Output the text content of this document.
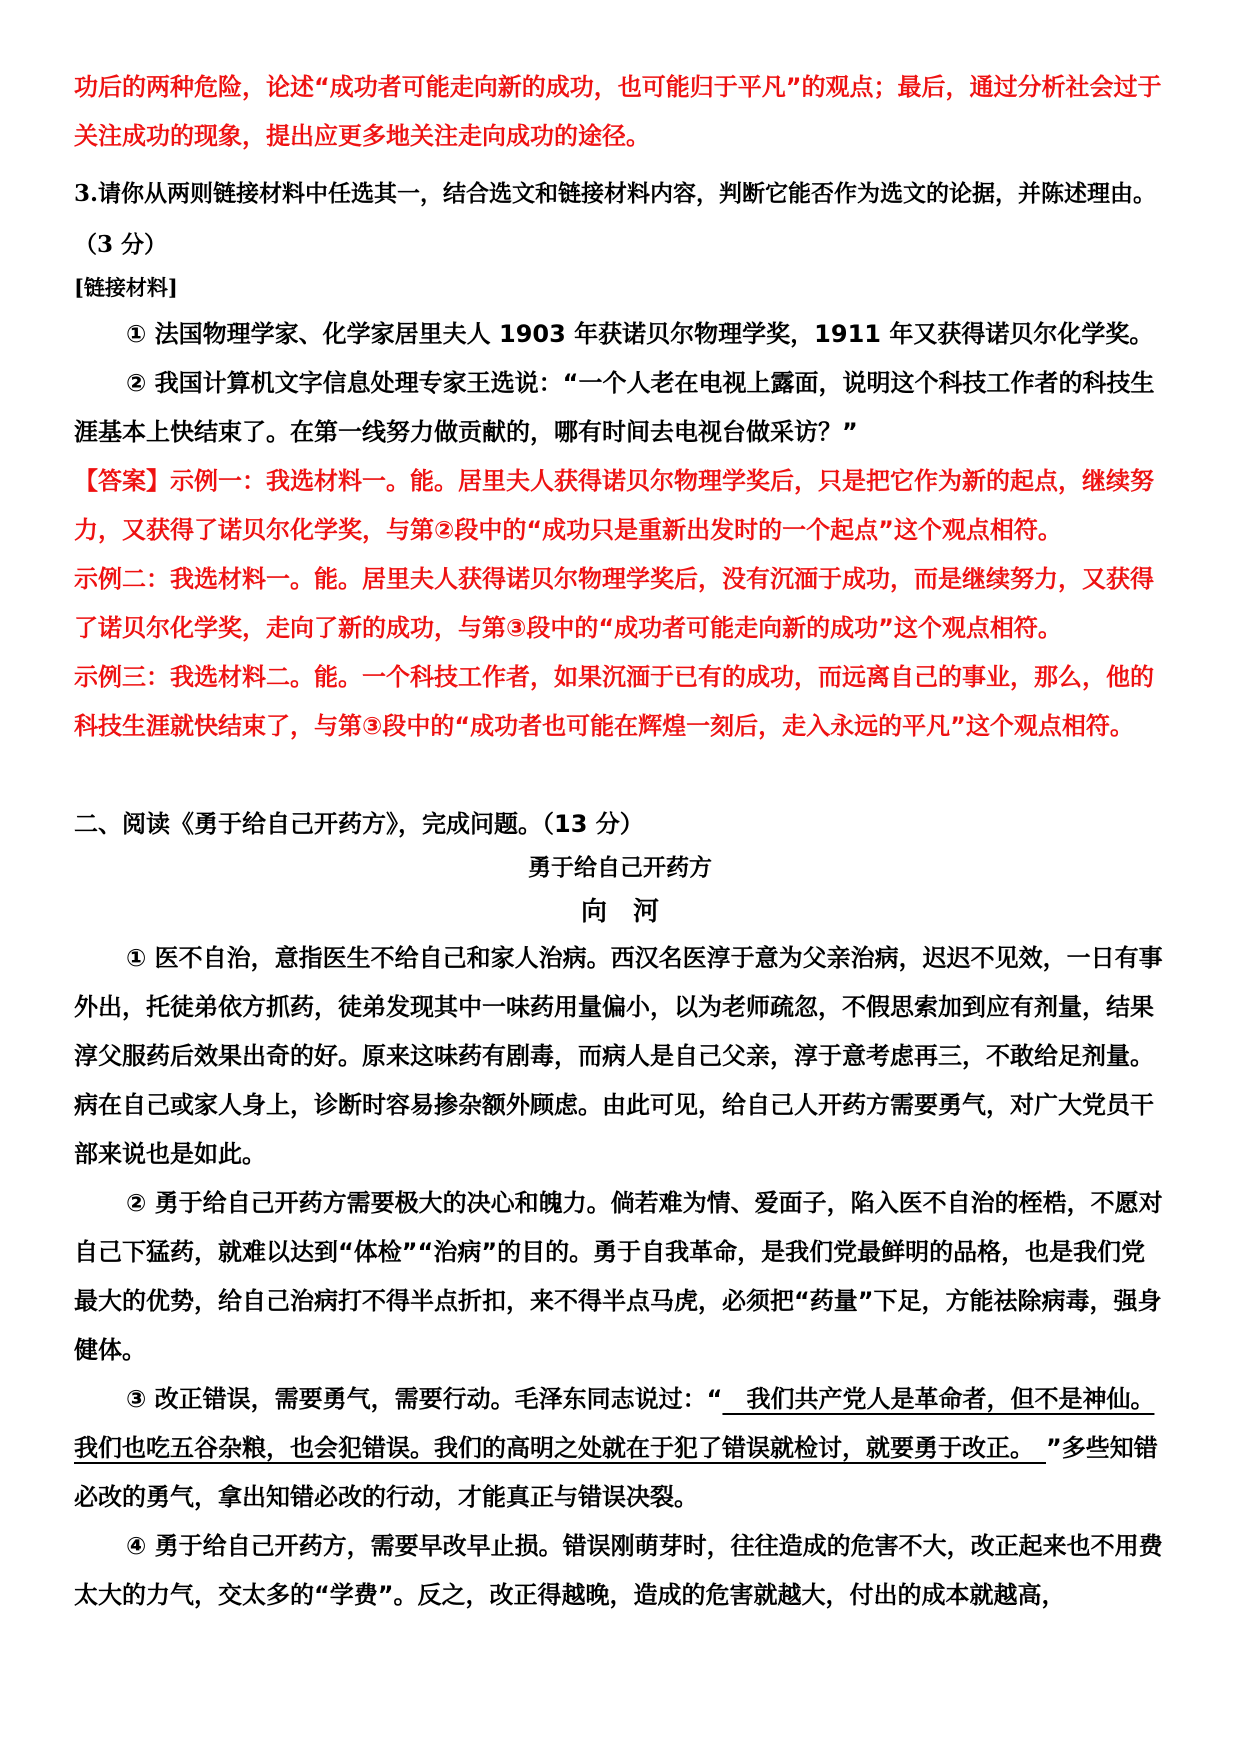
功后的两种危险，论述“成功者可能走向新的成功，也可能归于平凡”的观点；最后，通过分析社会过于关注成功的现象，提出应更多地关注走向成功的途径。

3.请你从两则链接材料中任选其一，结合选文和链接材料内容，判断它能否作为选文的论据，并陈述理由。（3 分）

[链接材料]

① 法国物理学家、化学家居里夫人 1903 年获诺贝尔物理学奖，1911 年又获得诺贝尔化学奖。

② 我国计算机文字信息处理专家王选说：“一个人老在电视上露面，说明这个科技工作者的科技生涯基本上快结束了。在第一线努力做贡献的，哪有时间去电视台做采访？”

【答案】示例一：我选材料一。能。居里夫人获得诺贝尔物理学奖后，只是把它作为新的起点，继续努力，又获得了诺贝尔化学奖，与第②段中的“成功只是重新出发时的一个起点”这个观点相符。

示例二：我选材料一。能。居里夫人获得诺贝尔物理学奖后，没有沉湎于成功，而是继续努力，又获得了诺贝尔化学奖，走向了新的成功，与第③段中的“成功者可能走向新的成功”这个观点相符。

示例三：我选材料二。能。一个科技工作者，如果沉湎于已有的成功，而远离自己的事业，那么，他的科技生涯就快结束了，与第③段中的“成功者也可能在辉煌一刻后，走入永远的平凡”这个观点相符。

二、阅读《勇于给自己开药方》，完成问题。（13 分）

勇于给自己开药方

向　河

① 医不自治，意指医生不给自己和家人治病。西汉名医淳于意为父亲治病，迟迟不见效，一日有事外出，托徒弟依方抓药，徒弟发现其中一味药用量偏小，以为老师疏忽，不假思索加到应有剂量，结果淳父服药后效果出奇的好。原来这味药有剧毒，而病人是自己父亲，淳于意考虑再三，不敢给足剂量。病在自己或家人身上，诊断时容易掺杂额外顾虑。由此可见，给自己人开药方需要勇气，对广大党员干部来说也是如此。

② 勇于给自己开药方需要极大的决心和魄力。倘若难为情、爱面子，陷入医不自治的桎梏，不愿对自己下猛药，就难以达到“体检”“治病”的目的。勇于自我革命，是我们党最鲜明的品格，也是我们党最大的优势，给自己治病打不得半点折扣，来不得半点马虎，必须把“药量”下足，方能祛除病毒，强身健体。

③ 改正错误，需要勇气，需要行动。毛泽东同志说过：“　我们共产党人是革命者，但不是神仙。我们也吃五谷杂粮，也会犯错误。我们的高明之处就在于犯了错误就检讨，就要勇于改正。　”多些知错必改的勇气，拿出知错必改的行动，才能真正与错误决裂。

④ 勇于给自己开药方，需要早改早止损。错误刚萌芽时，往往造成的危害不大，改正起来也不用费太大的力气，交太多的“学费”。反之，改正得越晚，造成的危害就越大，付出的成本就越高，
